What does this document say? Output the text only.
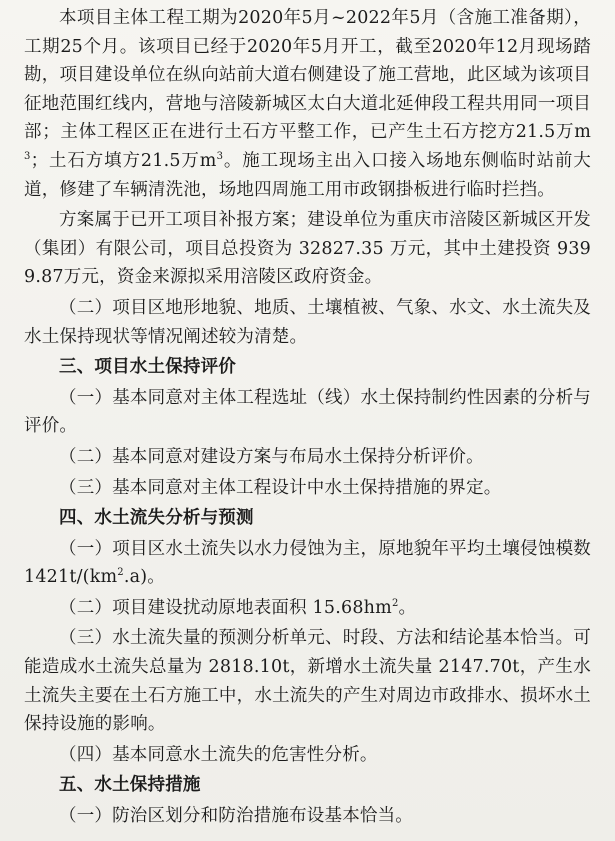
本项目主体工程工期为2020年5月~2022年5月（含施工准备期），工期25个月。该项目已经于2020年5月开工，截至2020年12月现场踏勘，项目建设单位在纵向站前大道右侧建设了施工营地，此区域为该项目征地范围红线内，营地与涪陵新城区太白大道北延伸段工程共用同一项目部；主体工程区正在进行土石方平整工作，已产生土石方挖方21.5万$m^3$；土石方填方21.5万$m^3$。施工现场主出入口接入场地东侧临时站前大道，修建了车辆清洗池，场地四周施工用市政钢掛板进行临时拦挡。

方案属于已开工项目补报方案；建设单位为重庆市涪陵区新城区开发（集团）有限公司，项目总投资为 32827.35 万元，其中土建投资 9399.87万元，资金来源拟采用涪陵区政府资金。

（二）项目区地形地貌、地质、土壤植被、气象、水文、水土流失及水土保持现状等情况阐述较为清楚。

三、项目水土保持评价

（一）基本同意对主体工程选址（线）水土保持制约性因素的分析与评价。

（二）基本同意对建设方案与布局水土保持分析评价。

（三）基本同意对主体工程设计中水土保持措施的界定。

四、水土流失分析与预测

（一）项目区水土流失以水力侵蚀为主，原地貌年平均土壤侵蚀模数$1421t/(km^2.a)$。

（二）项目建设扰动原地表面积 $15.68hm^2$。

（三）水土流失量的预测分析单元、时段、方法和结论基本恰当。可能造成水土流失总量为 2818.10t，新增水土流失量 2147.70t，产生水土流失主要在土石方施工中，水土流失的产生对周边市政排水、损坏水土保持设施的影响。

（四）基本同意水土流失的危害性分析。

五、水土保持措施

（一）防治区划分和防治措施布设基本恰当。
